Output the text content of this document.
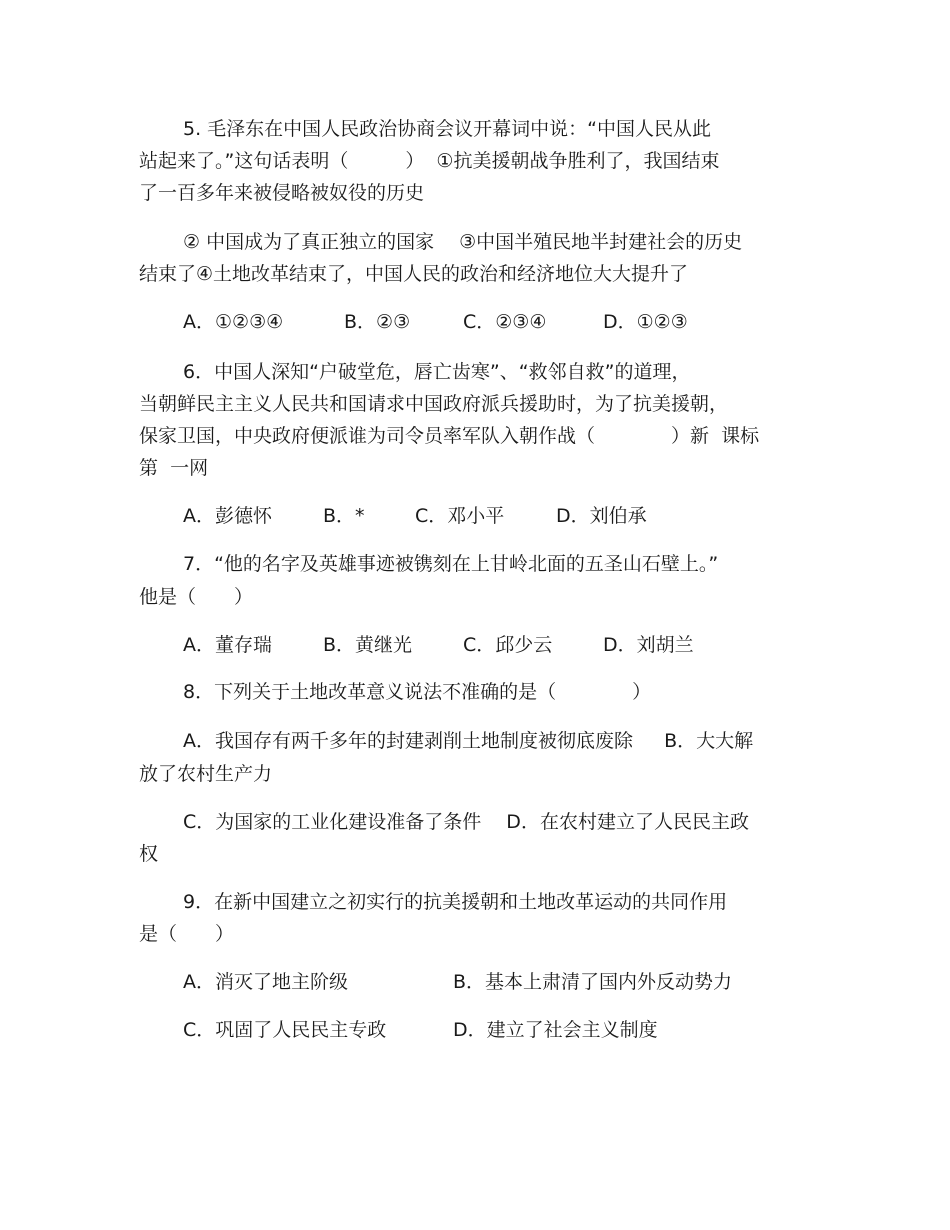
5. 毛泽东在中国人民政治协商会议开幕词中说：“中国人民从此
站起来了。”这句话表明（　　　）  ①抗美援朝战争胜利了，我国结束
了一百多年来被侵略被奴役的历史
② 中国成为了真正独立的国家　 ③中国半殖民地半封建社会的历史
结束了④土地改革结束了，中国人民的政治和经济地位大大提升了
A．①②③④	B．②③	C．②③④	D．①②③
6．中国人深知“户破堂危，唇亡齿寒”、“救邻自救”的道理，
当朝鲜民主主义人民共和国请求中国政府派兵援助时，为了抗美援朝，
保家卫国，中央政府便派谁为司令员率军队入朝作战（　　　　）新  课标
第  一网
A．彭德怀	B．*	C．邓小平	D．刘伯承
7．“他的名字及英雄事迹被镌刻在上甘岭北面的五圣山石壁上。”
他是（　　）
A．董存瑞	B．黄继光	C．邱少云	D．刘胡兰
8．下列关于土地改革意义说法不准确的是（　　　　）
A．我国存有两千多年的封建剥削土地制度被彻底废除　  B．大大解
放了农村生产力
C．为国家的工业化建设准备了条件　 D．在农村建立了人民民主政
权
9．在新中国建立之初实行的抗美援朝和土地改革运动的共同作用
是（　　）
A．消灭了地主阶级	B．基本上肃清了国内外反动势力
C．巩固了人民民主专政	D．建立了社会主义制度
